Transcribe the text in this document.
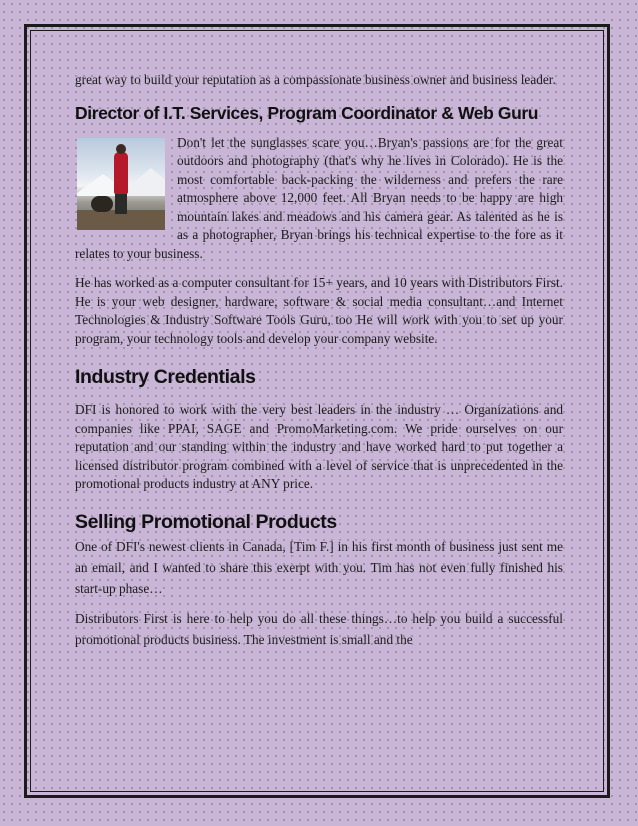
great way to build your reputation as a compassionate business owner and business leader.

Director of I.T. Services, Program Coordinator & Web Guru

Don't let the sunglasses scare you…Bryan's passions are for the great outdoors and photography (that's why he lives in Colorado). He is the most comfortable back-packing the wilderness and prefers the rare atmosphere above 12,000 feet. All Bryan needs to be happy are high mountain lakes and meadows and his camera gear. As talented as he is as a photographer, Bryan brings his technical expertise to the fore as it relates to your business.

He has worked as a computer consultant for 15+ years, and 10 years with Distributors First. He is your web designer, hardware, software & social media consultant…and Internet Technologies & Industry Software Tools Guru, too He will work with you to set up your program, your technology tools and develop your company website.

Industry Credentials

DFI is honored to work with the very best leaders in the industry … Organizations and companies like PPAI, SAGE and PromoMarketing.com. We pride ourselves on our reputation and our standing within the industry and have worked hard to put together a licensed distributor program combined with a level of service that is unprecedented in the promotional products industry at ANY price.

Selling Promotional Products

One of DFI's newest clients in Canada, [Tim F.] in his first month of business just sent me an email, and I wanted to share this exerpt with you. Tim has not even fully finished his start-up phase…

Distributors First is here to help you do all these things…to help you build a successful promotional products business. The investment is small and the
